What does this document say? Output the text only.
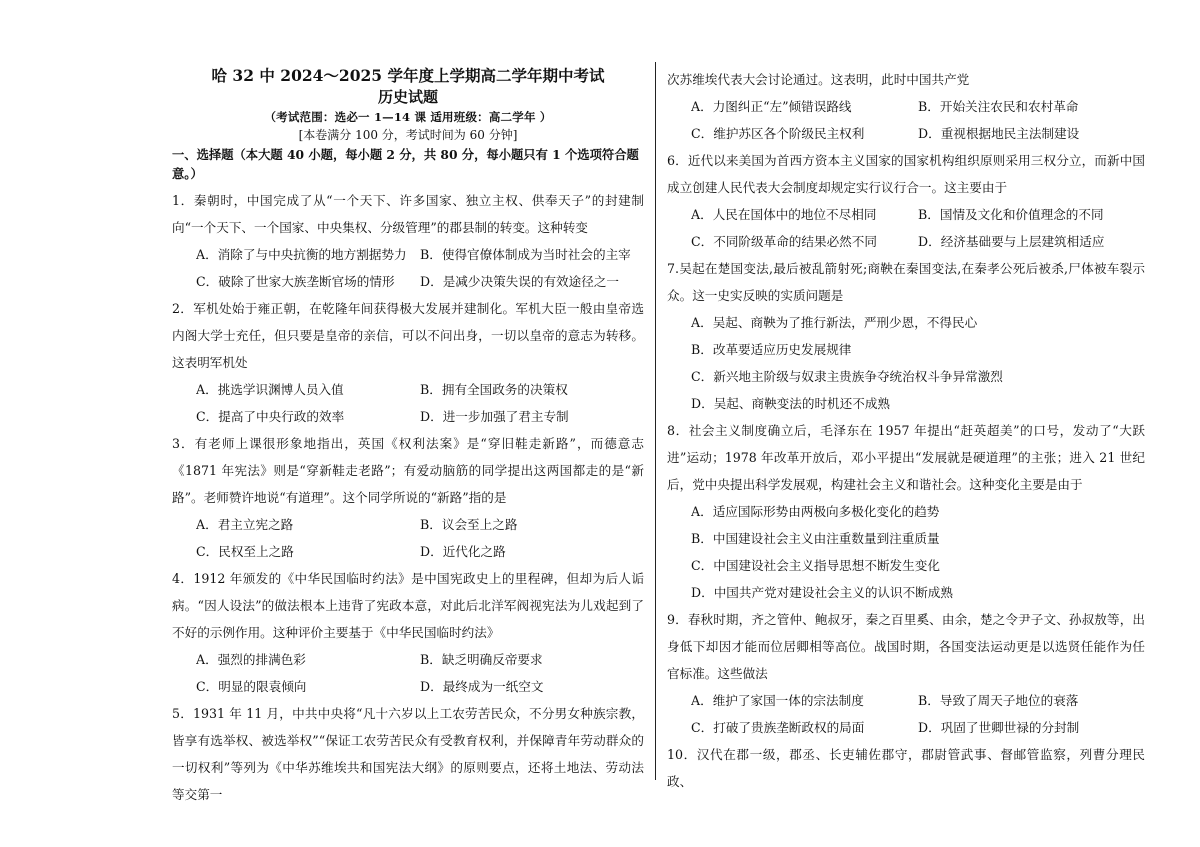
哈 32 中 2024～2025 学年度上学期高二学年期中考试
历史试题
（考试范围：选必一 1—14 课 适用班级：高二学年 ）
[本卷满分 100 分，考试时间为 60 分钟]
一、选择题（本大题 40 小题，每小题 2 分，共 80 分，每小题只有 1 个选项符合题意。）
1．秦朝时，中国完成了从“一个天下、许多国家、独立主权、供奉天子”的封建制向“一个天下、一个国家、中央集权、分级管理”的郡县制的转变。这种转变
A．消除了与中央抗衡的地方割据势力	B．使得官僚体制成为当时社会的主宰
C．破除了世家大族垄断官场的情形	D．是减少决策失误的有效途径之一
2．军机处始于雍正朝，在乾隆年间获得极大发展并建制化。军机大臣一般由皇帝选内阁大学士充任，但只要是皇帝的亲信，可以不问出身，一切以皇帝的意志为转移。这表明军机处
A．挑选学识渊博人员入值	B．拥有全国政务的决策权
C．提高了中央行政的效率	D．进一步加强了君主专制
3．有老师上课很形象地指出，英国《权利法案》是“穿旧鞋走新路”，而德意志《1871 年宪法》则是“穿新鞋走老路”；有爱动脑筋的同学提出这两国都走的是“新路”。老师赞许地说“有道理”。这个同学所说的“新路”指的是
A．君主立宪之路	B．议会至上之路
C．民权至上之路	D．近代化之路
4．1912 年颁发的《中华民国临时约法》是中国宪政史上的里程碑，但却为后人诟病。“因人设法”的做法根本上违背了宪政本意，对此后北洋军阀视宪法为儿戏起到了不好的示例作用。这种评价主要基于《中华民国临时约法》
A．强烈的排满色彩	B．缺乏明确反帝要求
C．明显的限袁倾向	D．最终成为一纸空文
5．1931 年 11 月，中共中央将“凡十六岁以上工农劳苦民众，不分男女种族宗教，皆享有选举权、被选举权”“保证工农劳苦民众有受教育权利，并保障青年劳动群众的一切权利”等列为《中华苏维埃共和国宪法大纲》的原则要点，还将土地法、劳动法等交第一
次苏维埃代表大会讨论通过。这表明，此时中国共产党
A．力图纠正“左”倾错误路线	B．开始关注农民和农村革命
C．维护苏区各个阶级民主权利	D．重视根据地民主法制建设
6．近代以来美国为首西方资本主义国家的国家机构组织原则采用三权分立，而新中国成立创建人民代表大会制度却规定实行议行合一。这主要由于
A．人民在国体中的地位不尽相同	B．国情及文化和价值理念的不同
C．不同阶级革命的结果必然不同	D．经济基础要与上层建筑相适应
7.吴起在楚国变法,最后被乱箭射死;商鞅在秦国变法,在秦孝公死后被杀,尸体被车裂示众。这一史实反映的实质问题是
A．吴起、商鞅为了推行新法，严刑少恩，不得民心
B．改革要适应历史发展规律
C．新兴地主阶级与奴隶主贵族争夺统治权斗争异常激烈
D．吴起、商鞅变法的时机还不成熟
8．社会主义制度确立后，毛泽东在 1957 年提出“赶英超美”的口号，发动了“大跃进”运动；1978 年改革开放后，邓小平提出“发展就是硬道理”的主张；进入 21 世纪后，党中央提出科学发展观，构建社会主义和谐社会。这种变化主要是由于
A．适应国际形势由两极向多极化变化的趋势
B．中国建设社会主义由注重数量到注重质量
C．中国建设社会主义指导思想不断发生变化
D．中国共产党对建设社会主义的认识不断成熟
9．春秋时期，齐之管仲、鲍叔牙，秦之百里奚、由余，楚之令尹子文、孙叔敖等，出身低下却因才能而位居卿相等高位。战国时期，各国变法运动更是以选贤任能作为任官标准。这些做法
A．维护了家国一体的宗法制度	B．导致了周天子地位的衰落
C．打破了贵族垄断政权的局面	D．巩固了世卿世禄的分封制
10．汉代在郡一级，郡丞、长吏辅佐郡守，郡尉管武事、督邮管监察，列曹分理民政、
